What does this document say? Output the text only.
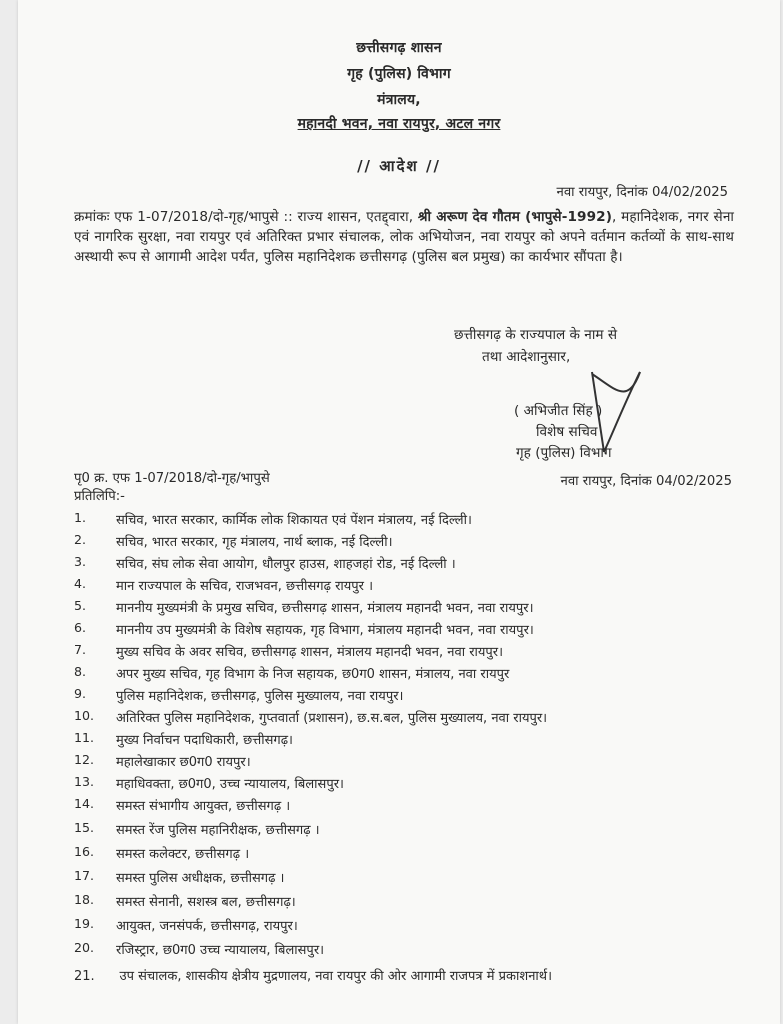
छत्तीसगढ़ शासन
गृह (पुलिस) विभाग
मंत्रालय,
महानदी भवन, नवा रायपुर, अटल नगर
// आदेश //
नवा रायपुर, दिनांक 04/02/2025
क्रमांकः एफ 1-07/2018/दो-गृह/भापुसे :: राज्य शासन, एतद्द्वारा, श्री अरूण देव गौतम (भापुसे-1992), महानिदेशक, नगर सेना एवं नागरिक सुरक्षा, नवा रायपुर एवं अतिरिक्त प्रभार संचालक, लोक अभियोजन, नवा रायपुर को अपने वर्तमान कर्तव्यों के साथ-साथ अस्थायी रूप से आगामी आदेश पर्यंत, पुलिस महानिदेशक छत्तीसगढ़ (पुलिस बल प्रमुख) का कार्यभार सौंपता है।
छत्तीसगढ़ के राज्यपाल के नाम से
तथा आदेशानुसार,
( अभिजीत सिंह )
विशेष सचिव
गृह (पुलिस) विभाग
पृ0 क्र. एफ 1-07/2018/दो-गृह/भापुसे	नवा रायपुर, दिनांक 04/02/2025
प्रतिलिपि:-
1. सचिव, भारत सरकार, कार्मिक लोक शिकायत एवं पेंशन मंत्रालय, नई दिल्ली।
2. सचिव, भारत सरकार, गृह मंत्रालय, नार्थ ब्लाक, नई दिल्ली।
3. सचिव, संघ लोक सेवा आयोग, धौलपुर हाउस, शाहजहां रोड, नई दिल्ली ।
4. मान राज्यपाल के सचिव, राजभवन, छत्तीसगढ़ रायपुर ।
5. माननीय मुख्यमंत्री के प्रमुख सचिव, छत्तीसगढ़ शासन, मंत्रालय महानदी भवन, नवा रायपुर।
6. माननीय उप मुख्यमंत्री के विशेष सहायक, गृह विभाग, मंत्रालय महानदी भवन, नवा रायपुर।
7. मुख्य सचिव के अवर सचिव, छत्तीसगढ़ शासन, मंत्रालय महानदी भवन, नवा रायपुर।
8. अपर मुख्य सचिव, गृह विभाग के निज सहायक, छ0ग0 शासन, मंत्रालय, नवा रायपुर
9. पुलिस महानिदेशक, छत्तीसगढ़, पुलिस मुख्यालय, नवा रायपुर।
10. अतिरिक्त पुलिस महानिदेशक, गुप्तवार्ता (प्रशासन), छ.स.बल, पुलिस मुख्यालय, नवा रायपुर।
11. मुख्य निर्वाचन पदाधिकारी, छत्तीसगढ़।
12. महालेखाकार छ0ग0 रायपुर।
13. महाधिवक्ता, छ0ग0, उच्च न्यायालय, बिलासपुर।
14. समस्त संभागीय आयुक्त, छत्तीसगढ़ ।
15. समस्त रेंज पुलिस महानिरीक्षक, छत्तीसगढ़ ।
16. समस्त कलेक्टर, छत्तीसगढ़ ।
17. समस्त पुलिस अधीक्षक, छत्तीसगढ़ ।
18. समस्त सेनानी, सशस्त्र बल, छत्तीसगढ़।
19. आयुक्त, जनसंपर्क, छत्तीसगढ़, रायपुर।
20. रजिस्ट्रार, छ0ग0 उच्च न्यायालय, बिलासपुर।
21. उप संचालक, शासकीय क्षेत्रीय मुद्रणालय, नवा रायपुर की ओर आगामी राजपत्र में प्रकाशनार्थ।
